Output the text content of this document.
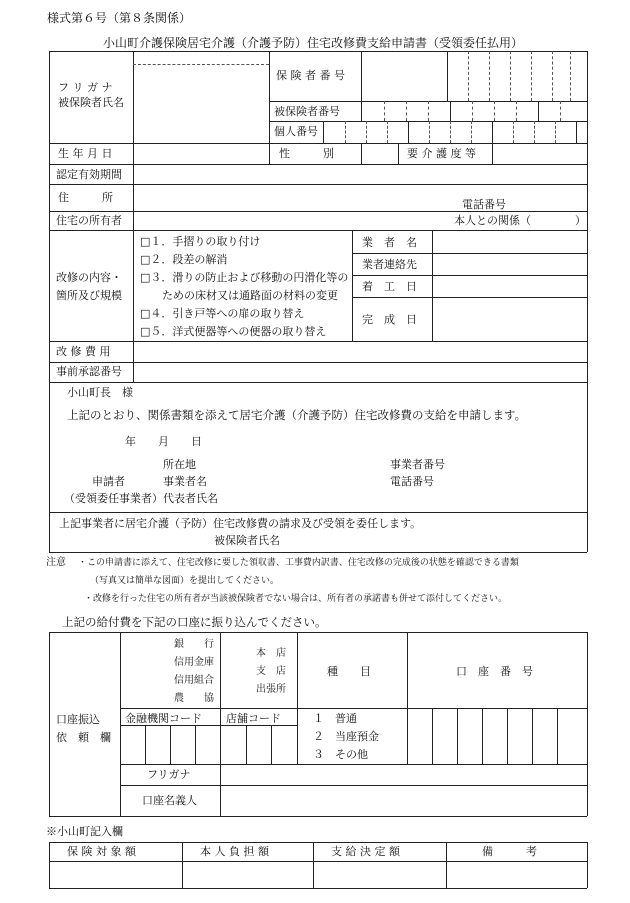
様式第６号（第８条関係）
小山町介護保険居宅介護（介護予防）住宅改修費支給申請書（受領委任払用）
フ リ ガ ナ
被保険者氏名
保 険 者 番 号
被保険者番号
個人番号
生 年 月 日	性　　　別	要 介 護 度 等
認定有効期間
住　　　所
電話番号
住宅の所有者	本人との関係（　　　　）
改修の内容・
箇所及び規模
□１．手摺りの取り付け
□２．段差の解消
□３．滑りの防止および移動の円滑化等の
ための床材又は通路面の材料の変更
□４．引き戸等への扉の取り替え
□５．洋式便器等への便器の取り替え
業　者　名
業者連絡先
着　工　日
完　成　日
改 修 費 用
事前承認番号
小山町長　様
上記のとおり、関係書類を添えて居宅介護（介護予防）住宅改修費の支給を申請します。
年　　月　　日
所在地	事業者番号
申請者	事業者名	電話番号
（受領委任事業者）代表者氏名
上記事業者に居宅介護（予防）住宅改修費の請求及び受領を委任します。
被保険者氏名
注意 ・この申請書に添えて、住宅改修に要した領収書、工事費内訳書、住宅改修の完成後の状態を確認できる書類
（写真又は簡単な図面）を提出してください。
・改修を行った住宅の所有者が当該被保険者でない場合は、所有者の承諾書も併せて添付してください。
上記の給付費を下記の口座に振り込んでください。
銀　　行
信用金庫
信用組合
農　　協
本　店
支　店
出張所
種　　目	口　座　番　号
口座振込
依　頼　欄
金融機関コード 店舗コード	１　普通
２　当座預金
３　その他
フリガナ
口座名義人
※小山町記入欄
保 険 対 象 額	本 人 負 担 額	支 給 決 定 額	備　　　考
